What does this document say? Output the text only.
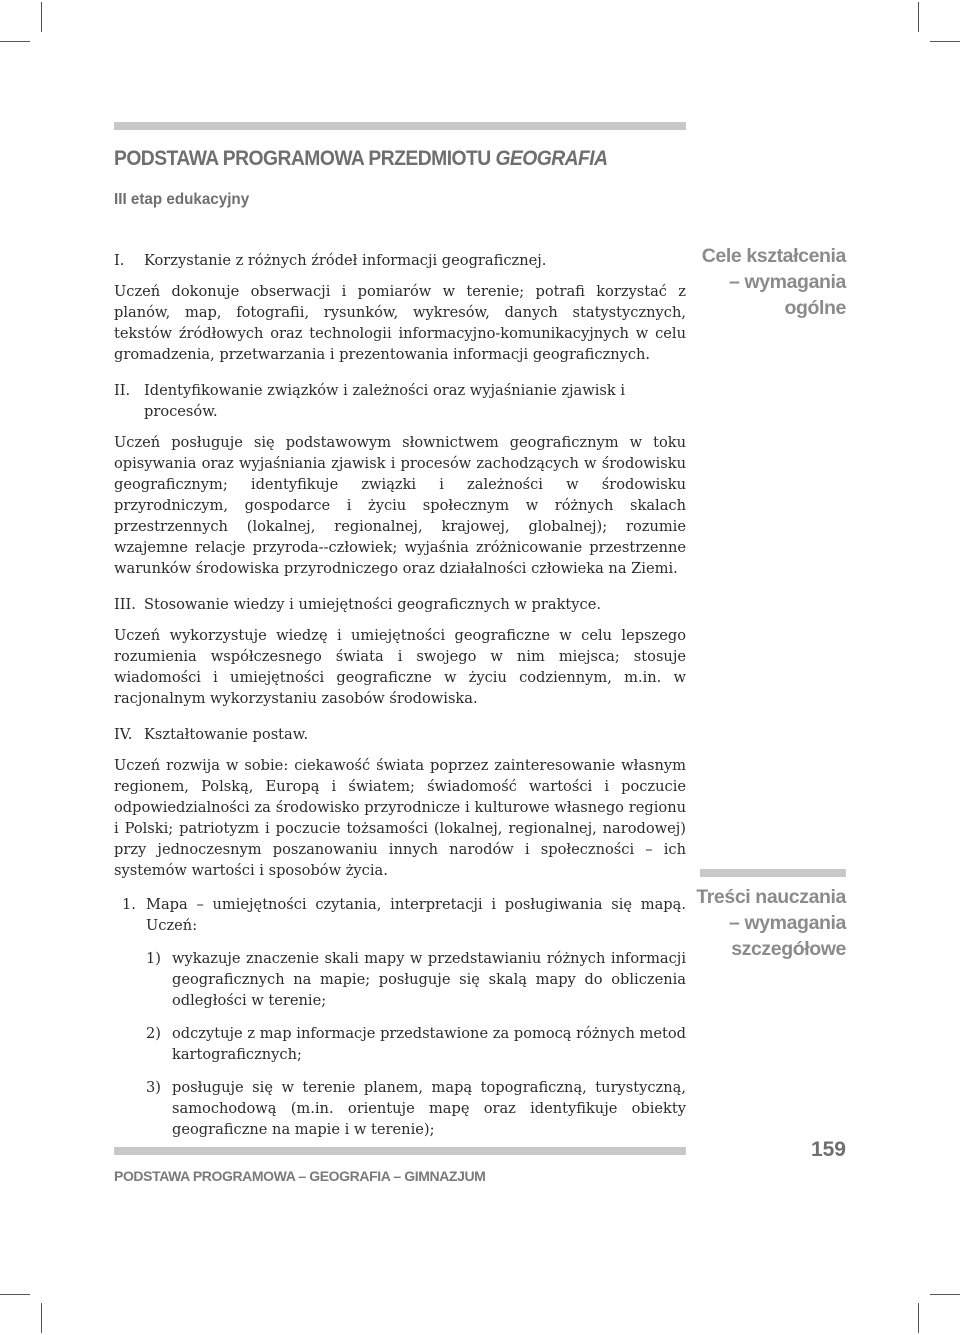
PODSTAWA PROGRAMOWA PRZEDMIOTU GEOGRAFIA
III etap edukacyjny
Cele kształcenia
– wymagania
ogólne
I.	Korzystanie z różnych źródeł informacji geograficznej.

Uczeń dokonuje obserwacji i pomiarów w terenie; potrafi korzystać z planów, map, fotografii, rysunków, wykresów, danych statystycznych, tekstów źródłowych oraz technologii informacyjno-komunikacyjnych w celu gromadzenia, przetwarzania i prezentowania informacji geograficznych.

II. Identyfikowanie związków i zależności oraz wyjaśnianie zjawisk i procesów.

Uczeń posługuje się podstawowym słownictwem geograficznym w toku opisywania oraz wyjaśniania zjawisk i procesów zachodzących w środowisku geograficznym; identyfikuje związki i zależności w środowisku przyrodniczym, gospodarce i życiu społecznym w różnych skalach przestrzennych (lokalnej, regionalnej, krajowej, globalnej); rozumie wzajemne relacje przyroda--człowiek; wyjaśnia zróżnicowanie przestrzenne warunków środowiska przyrodniczego oraz działalności człowieka na Ziemi.

III. Stosowanie wiedzy i umiejętności geograficznych w praktyce.

Uczeń wykorzystuje wiedzę i umiejętności geograficzne w celu lepszego rozumienia współczesnego świata i swojego w nim miejsca; stosuje wiadomości i umiejętności geograficzne w życiu codziennym, m.in. w racjonalnym wykorzystaniu zasobów środowiska.

IV. Kształtowanie postaw.

Uczeń rozwija w sobie: ciekawość świata poprzez zainteresowanie własnym regionem, Polską, Europą i światem; świadomość wartości i poczucie odpowiedzialności za środowisko przyrodnicze i kulturowe własnego regionu i Polski; patriotyzm i poczucie tożsamości (lokalnej, regionalnej, narodowej) przy jednoczesnym poszanowaniu innych narodów i społeczności – ich systemów wartości i sposobów życia.

Treści nauczania
– wymagania
szczegółowe
1. Mapa – umiejętności czytania, interpretacji i posługiwania się mapą. Uczeń:
1) wykazuje znaczenie skali mapy w przedstawianiu różnych informacji geograficznych na mapie; posługuje się skalą mapy do obliczenia odległości w terenie;
2) odczytuje z map informacje przedstawione za pomocą różnych metod kartograficznych;
3) posługuje się w terenie planem, mapą topograficzną, turystyczną, samochodową (m.in. orientuje mapę oraz identyfikuje obiekty geograficzne na mapie i w terenie);
159
PODSTAWA PROGRAMOWA – GEOGRAFIA – GIMNAZJUM
